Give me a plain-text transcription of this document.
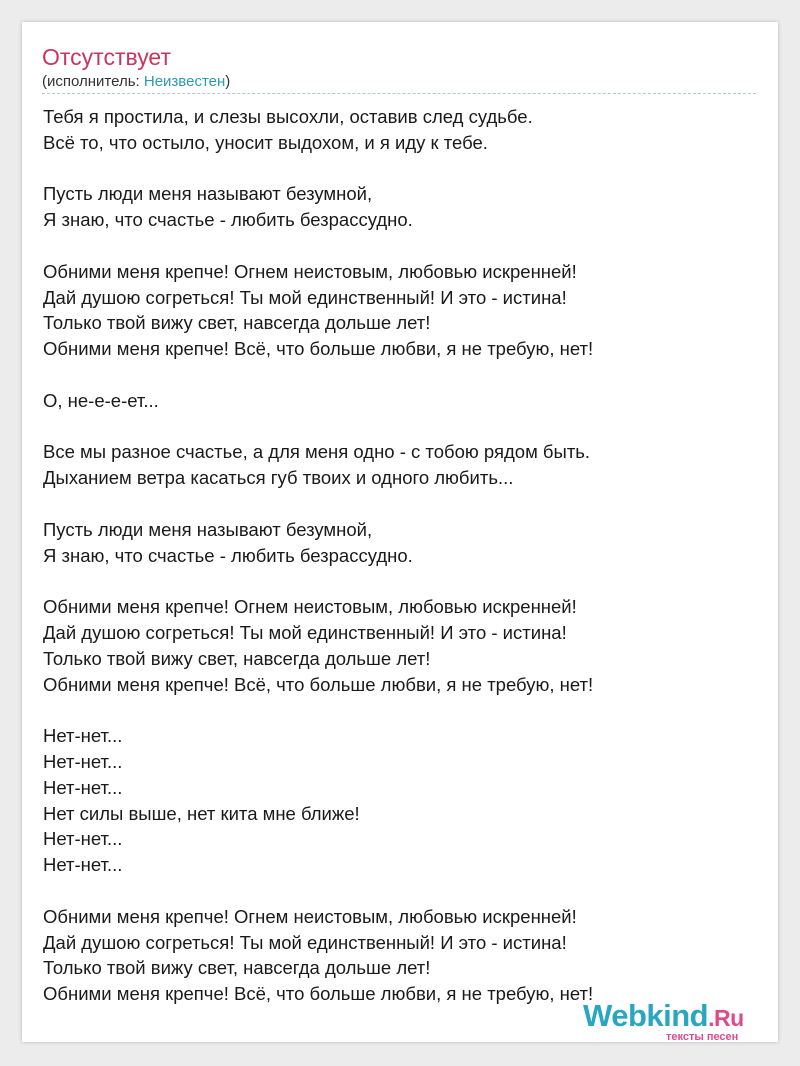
Отсутствует
(исполнитель: Неизвестен)
Тебя я простила, и слезы высохли, оставив след судьбе.
Всё то, что остыло, уносит выдохом, и я иду к тебе.
Пусть люди меня называют безумной,
Я знаю, что счастье - любить безрассудно.
Обними меня крепче! Огнем неистовым, любовью искренней!
Дай душою согреться! Ты мой единственный! И это - истина!
Только твой вижу свет, навсегда дольше лет!
Обними меня крепче! Всё, что больше любви, я не требую, нет!
О, не-е-е-ет...
Все мы разное счастье, а для меня одно - с тобою рядом быть.
Дыханием ветра касаться губ твоих и одного любить...
Пусть люди меня называют безумной,
Я знаю, что счастье - любить безрассудно.
Обними меня крепче! Огнем неистовым, любовью искренней!
Дай душою согреться! Ты мой единственный! И это - истина!
Только твой вижу свет, навсегда дольше лет!
Обними меня крепче! Всё, что больше любви, я не требую, нет!
Нет-нет...
Нет-нет...
Нет-нет...
Нет силы выше, нет кита мне ближе!
Нет-нет...
Нет-нет...
Обними меня крепче! Огнем неистовым, любовью искренней!
Дай душою согреться! Ты мой единственный! И это - истина!
Только твой вижу свет, навсегда дольше лет!
Обними меня крепче! Всё, что больше любви, я не требую, нет!
Webkind.Ru
тексты песен
